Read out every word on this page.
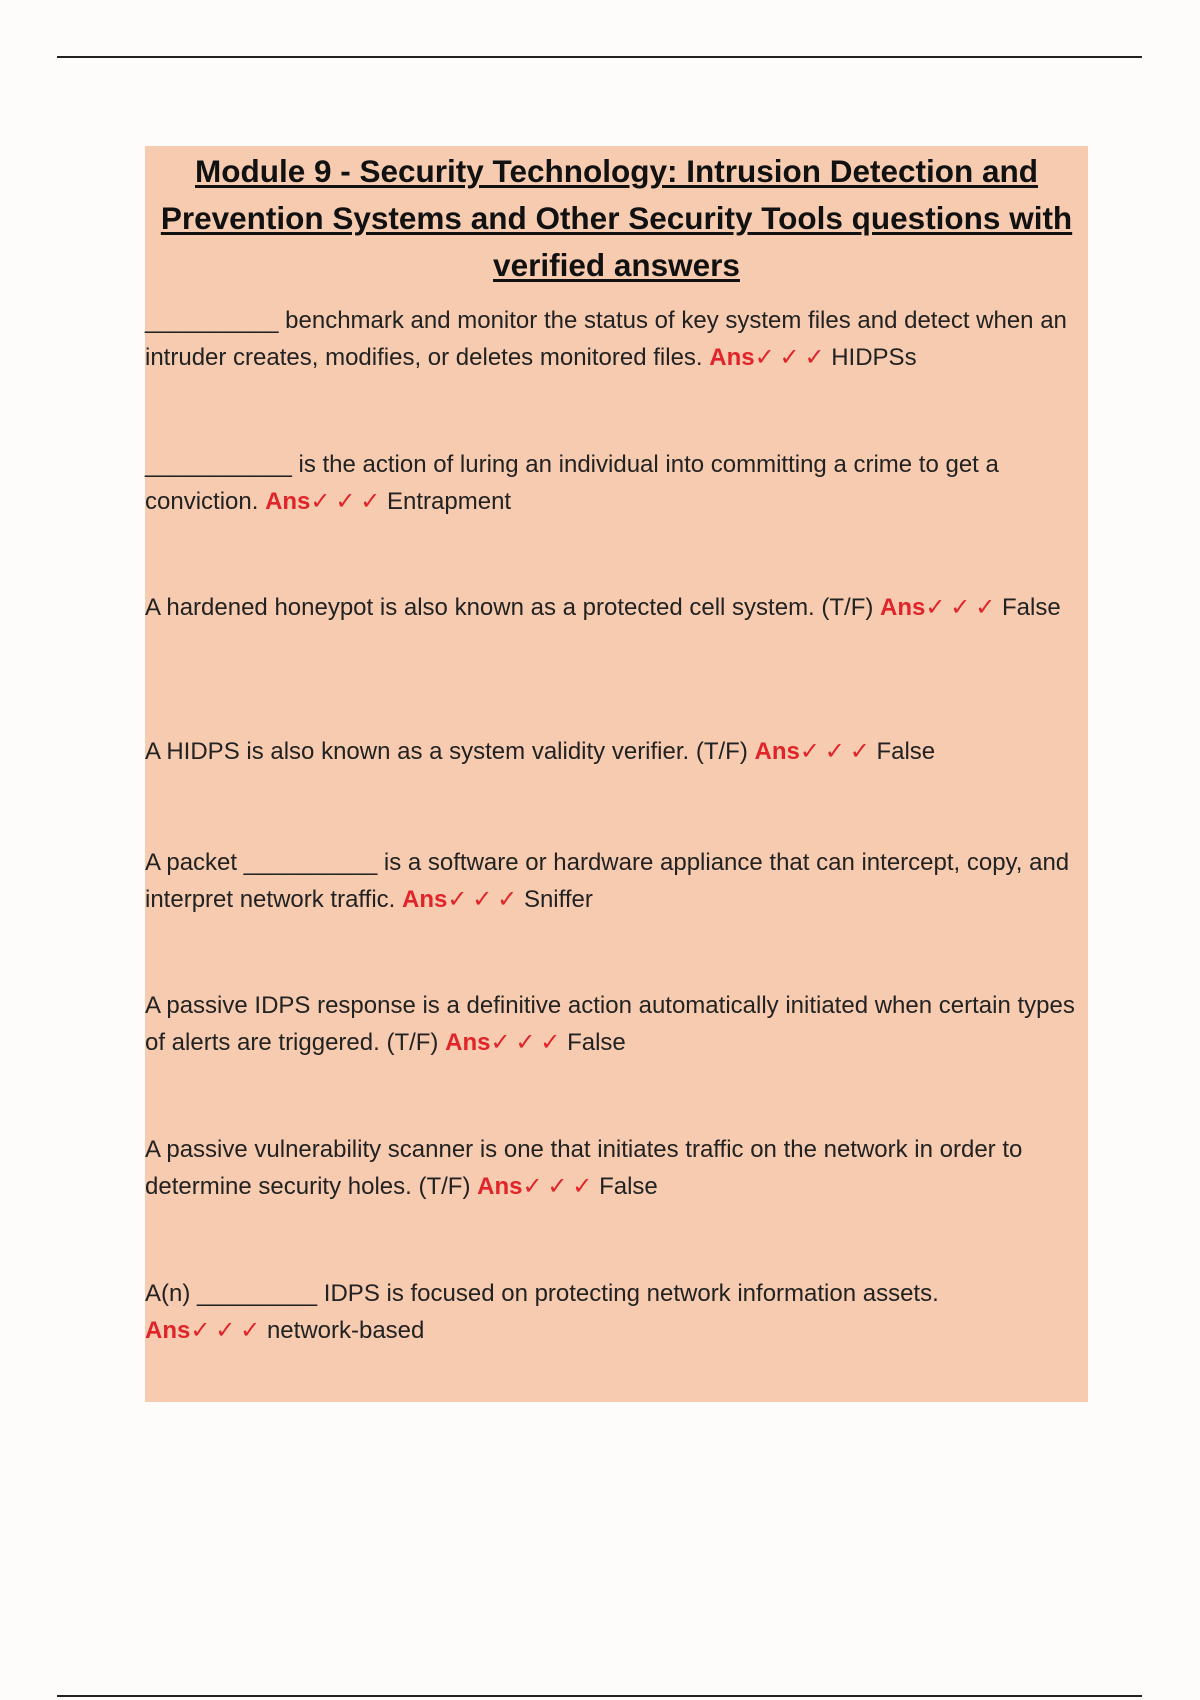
Module 9 - Security Technology: Intrusion Detection and Prevention Systems and Other Security Tools questions with verified answers

__________ benchmark and monitor the status of key system files and detect when an intruder creates, modifies, or deletes monitored files. Ans✓ ✓ ✓ HIDPSs

___________ is the action of luring an individual into committing a crime to get a conviction. Ans✓ ✓ ✓ Entrapment

A hardened honeypot is also known as a protected cell system. (T/F) Ans✓ ✓ ✓ False

A HIDPS is also known as a system validity verifier. (T/F) Ans✓ ✓ ✓ False

A packet __________ is a software or hardware appliance that can intercept, copy, and interpret network traffic. Ans✓ ✓ ✓ Sniffer

A passive IDPS response is a definitive action automatically initiated when certain types of alerts are triggered. (T/F) Ans✓ ✓ ✓ False

A passive vulnerability scanner is one that initiates traffic on the network in order to determine security holes. (T/F) Ans✓ ✓ ✓ False

A(n) _________ IDPS is focused on protecting network information assets.
Ans✓ ✓ ✓ network-based
